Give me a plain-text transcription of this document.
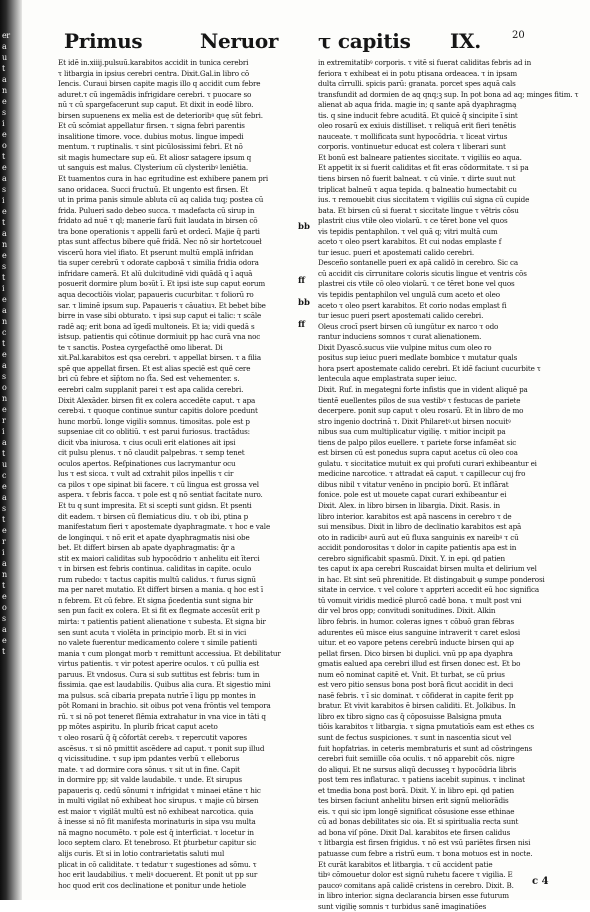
er
a
u
t
a
n
e
s
i
e
o
t
e
a
s
i
e
t
a
n
e
s
t
i
e
a
n
c
t
e
a
s
o
n
e
r
i
a
t
u
c
e
a
s
t
e
r
i
a
n
t
e
o
s
a
e
t
Primus	Neruor τ capitis IX.	20
Et idē in.xiiij.pulsuū.karabitos accidit in tunica cerebri
τ litbargia in ipsius cerebri centra. Dixit.Gal.in libro cō
Iencis. Curaui birsen capite magis illo q accidit cum febre
aduret.τ cū ingemādis infrigidare cerebri. τ puocare so
nū τ cū spargefacerunt sup caput. Et dixit in eodē libro.
birsen supuenens ex melia est de deterioribꝰ quę sūt febri.
Et cū scōmiat appellatur firsen. τ signa febri parentis
insalitione timore. voce. dubius motus. lingue impedi
mentum. τ ruptinalis. τ sint picūlosissimi febri. Et nō
sit magis humectare sup eū. Et aliosr satagere ipsum q
ut sanguis est malus. Clysterium cū clysteribꝰ leniētia.
Et tuamentos cura in hac egritudine est exhibere panem pri
sano oridacea. Succi fructuū. Et ungento est firsen. Et
ut in prima panis simule abluta cū aq calida tuq; postea cū
frida. Pulueri sado debeo succa. τ madefacta cū sirup in
fridato ad nuē τ ql; manerie farū fuit laudata in birsen cō
tra bone operationis τ appelli farū et ordecī. Majie q̄ parti
ptas sunt affectus bibere quē fridā. Nec nō sir hortetcoueł
viscerū hora viel ifiato. Et pserunt multū emplā infridan
tia super cerebrū τ odorate capboꝛā τ similia fridia odora
infridare camerā. Et alū dulcitudinē vidi quādā q ī aquā
posuerit dormire plum boꝛūt ī. Et ipsi iste sup caput eorum
aqua decoctiōis violar, papaueris cucurbitar. τ foliorū ro
sar. τ liminē ipsum sup. Papaueris τ cāuatiuꝛ. Et bebet bibe
birre in vase sibi obturato. τ ipsi sup caput ei talic: τ scāle
radē aq; erit bona ad īgedī multoneis. Et ia; vidi quedā s
istsup. patientis qui cōtinue dormiuit pp hac curā vna noc
te τ sanctis. Postea cyrgefacthē omo liberat. Di
xit.Pal.karabitos est qsa cerebri. τ appellat birsen. τ a filia
spẽ que appellat firsen. Et est alias speciē est quē cere
bri cū febre et sīp̄tom no ſt̄a. Sed est vehementer. s.
eerebri calm supplanit parei τ est apa calida cerebri.
Dixit Alexāder. birsen fit ex colera accedēte caput. τ apa
cerebꝛi. τ quoque continue suntur capitis dolore pcedunt
hunc morbū. longe vigiliꝛ somnus. timositas. pole est p
supseniae cit co oblitiū. τ est parui furiosus. tractādus:
dicit vba iniurosa. τ cius oculi erit elationes ait ipsi
cit pulsu plenus. τ nō claudit palpebras. τ semp tenet
oculos apertos. Reſpinationes cus lacrymantur ocu
lus τ est sicca. τ vult ad cxtrahit pilos inpellis τ cir
ca pilos τ ope sipinat bii facere. τ cū lingua est grossa vel
aspera. τ febris facca. τ pole est q nō sentiat facitate nuro.
Et tu q sunt impresita. Et si scepti sunt gidsn. Et psenti
dit eadem. τ birsen cū flemiaticus diu. τ ob ibi, ptina p
manifestatum fieri τ apostemate dyaphragmate. τ hoc e vale
de longinqui. τ nō erit et apate dyaphragmatis nisi obe
bet. Et differt birsen ab apate dyaphragmatis: q̄r a
stit ex maiori caliditas sub hypocōdrio τ anhelitu eit īterci
τ in birsen est febris continua. caliditas in capite. oculo
rum rubedo: τ tactus capitis multū calidus. τ furus signū
ma per naret mutatio. Et differt birsen a mania. q hoc est ī
n febrem. Et cū febre. Et signa p̄cedentia sunt signa bir
sen pun facit ex colera. Et si fit ex flegmate accesūt erit p
mirta: τ patientis patient alienatione τ subesta. Et signa bir
sen sunt acuta τ violēta in principio morb. Et si in vici
no valete fuerentur medicamento colere τ simile patienti
mania τ cum plongat morb τ remittunt accessiua. Et debilitatur
virtus patientis. τ vir potest aperire oculos. τ cū pullia est
paruus. Et vndosus. Cura si sub suttitus est febris: tum in
fissimia. qae est laudabilis. Quibus alia cura. Et sigestio mini
ma pulsus. scā cibaria prepata nutrīe ī ligu pp montes in
pōt Romani in brachio. sit oibus pot vena frōntis vel tempora
rū. τ si nō pot teneret flēmia extrahatur in vna vice in tāti q
pp mōtes aspiritu. In plurib fricat caput aceto
τ oleo rosarū q̄ q̄ cōfortāt cerebꝛ. τ repercutit vapores
ascēsus. τ si nō pmittit ascēdere ad caput. τ ponit sup illud
q vicissitudine. τ sup ipm pdantes verbū τ elleborus
mate. τ ad dormire cora sōnus. τ sit ut in fine. Capit
in dormire pp; sit valde laudabile. τ unde. Et sirupus
papaueris q. cedū sōnumi τ infrigidat τ minaei etāne τ hic
in multi vigilat nō exhibeat hoc sirupus. τ majie cū birsen
est maior τ vigilāt multū est nō exhibeat narcotica. quia
ā inesse si nō fit manifesta morinaturis in sipa vsu multa
nā magno nocumēto. τ pole est q̄ interficiat. τ locetur in
loco septem claro. Et tenebroso. Et ṗturbetur capitur sic
alijs curis. Et si in lotio contrarietatis saluti mul
plicat in cō caliditate. τ tedatur τ sugestiones ad sōmu. τ
hoc erit laudabilius. τ meliꝰ docuerent. Et ponit ut pp sur
hoc quod erit cos declinatione et ponitur unde hetiole
bb
ff
bb
ff
in extremitatibꝰ corporis. τ vitē si fuerat caliditas febris ad in
feriora τ exhibeat ei in potu ptisana ordeacea. τ in ipsam
dulta cīrrulli. spicis parū: granata. porcet spes aquā cals
transfundit ad dormien de aq qnq;ꝫ sup. In pot bona ad aq; minges fitim. τ
alienat ab aqua frida. magie in; q sante apā dyaphragmą
tis. q sine inducit febre acuditā. Et quicē q̄ sincipite ī sint
oleo rosarū ex exiuis distilliset. τ reliquā erit fieri tenētis
nauceate. τ mollificata sunt hypocōdria. τ liceat virtus
corporis. vontinuetur educat est colera τ liberari sunt
Et bonū est balneare patientes siccitate. τ vigiliis eo aqua.
Et appetit ix si fuerit caliditas et fit eras cōdormitate. τ si pa
tiens birsen nō fuerit balneat. τ cū vinīe. τ dirte suut nut
triplicat balneū τ aqua tepida. q balneatio humectabit cu
ius. τ remouebit cius siccitatem τ vigiliis cuī signa cū cupide
bata. Et birsen cū si fuerat τ siccitate lingue τ vētris cōsu
plastrit cius vtiłe oleo violarū. τ ce tēret bone vel quos
vis tepidis pentaphilon. τ vel quā q; vitri multā cum
aceto τ oleo psert karabitos. Et cui nodas emplaste f
tur iesuc. pueri et apostemati calido cerebri.
Desceño sontanelle pueri ex apā calidō in cerebro. Sic ca
cū accidit cis cīrrunitare coloris sicutis lingue et ventris cōs
plastrei cis vtiłe cō oleo violarū. τ ce tēret bone vel quos
vis tepidis pentaphilon vel ungulā cum aceto et oleo
aceto τ oleo psert karabitos. Et corio nodas emplast fi
tur iesuc pueri psert apostemati calido cerebri.
Oleus crocī psert birsen cū iungūtur ex narco τ odo
rantur induciens somnos τ curat alienationem.
Dixit Dyascō.sucus viie vulpine mitus cum oleo ro
positus sup ieiuc pueri medlate bombice τ mutatur quals
hora psert apostemate calido cerebri. Et idē faciunt cucurbite τ
lentecula aque emplastrata super ieiuc.
Dixit. Ruf. in megategni forte infistis que in vident aliquē pa
tientē euellentes pilos de sua vestibꝰ τ festucas de pariete
decerpere. ponit sup caput τ oleu rosarū. Et in libro de mo
stro ingenio doctrinā τ. Dixit Philaretꝰ.ut birsen nocuitꝰ
nibus sua cum multiplicatur vigilię. τ mitior incipit pa
tiens de palpo pilos euellere. τ pariete forse infamēat sic
est birsen cū est ponedus supra caput acetus cū oleo coa
gulatu. τ siccitatice mutuit ex qui profuti curari exhibeantur ei
medicine narcotice. τ attradat eā caput. τ capillecur cuj fro
dibus nibil τ vitatur venēno in pncipio borū. Et inflārat
fonice. pole est ut mouete capat curari exhibeantur ei
Dixit. Alex. in libro birsen in libargia. Dixit. Rasis. in
libro interior. karabitos est apā nascens in cerebro τ de
sui mensibus. Dixit in libro de declinatio karabitos est apā
oto in radicibꝰ aurū aut eū fluxa sanguinis ex nareibꝰ τ cū
accidit pondorositas τ dolor in capite patientis apa est in
cerebro significabit spasmū. Dixit. Y. in epi. qd patien
tes caput ix apa cerebri Ruscaidat birsen multa et delirium vel
in hac. Et sint seū phrenitide. Et distingabuit φ sumpe ponderosi
sitate in cervice. τ vel colore τ apprteri accedit eū hoc significa
tū vomuit viridis medicē plurcō cadē bona. τ mult post vni
dir vel bros opp; convitudi sonitudines. Dixit. Alkin
libro febris. in humor. coleras ignes τ cōbuō gran fēbras
adurentes eū misce eius sanguine intraverit τ caret eslosi
uitur. et eo vapore petens cerebrū inducte birsen qui ap
pellat firsen. Dico birsen bi duplici. vnū pp apa dyaphra
gmatis ealued apa cerebri illud est firsen donec est. Et bo
num eō nominat capitē et. Vnit. Et turbat, se cū prius
est vero pitio sensus bona post borā ficut accidit in deci
nasē febris. τ ī sic dominat. τ cōfiderat in capite ferit pp
bratur. Et vivit karabitos ē birsen caliditi. Et. Jolkibus. In
libro ex tibro signo cas q̄ cōposuisse Balsigna pmuta
tiōis karabitos τ litbargia. τ signa pmutatioīs eam est ethes cs
sunt de fectus suspiciones. τ sunt in nascentia sicut vel
fuit hopfatrias. in ceteris membraturis et sunt ad cōstringens
cerebri fuit semiille cōa oculis. τ nō apparebit cōs. nigre
do aliqui. Et ne sursus aliqū decusseꝫ τ hypocōdria libris
post tem res inflaturac. τ patiens iacebit supinus. τ inclinat
et tmedia bona post borā. Dixit. Y. in libro epi. qd patien
tes birsen faciunt anhelitu birsen erit signū meliorādis
eis. τ qui sic ipm longē significat cōsusione esse ethinae
cū ad bonas debilitates sic oia. Et si spiritualia recta sunt
ad bona viſ pōne. Dixit Dal. karabitos ete firsen calidus
τ litbargia est firsen frigidus. τ nō est vsū pariētes firsen nisi
patuasse cum febre a ristrū eum. τ bona motuos est in nocte.
Et curāt karabitos et litbargia. τ cū accident patie
tibꝰ cōmouetur dolor est signū ruhetu facere τ vigilia. E
paucoꝰ comitans apā calidē cristens in cerebro. Dixit. B.
in libro interior. signa declarancia birsen esse futurum
sunt vigilię somnis τ turbidus sanē imaginatiōes
c 4
